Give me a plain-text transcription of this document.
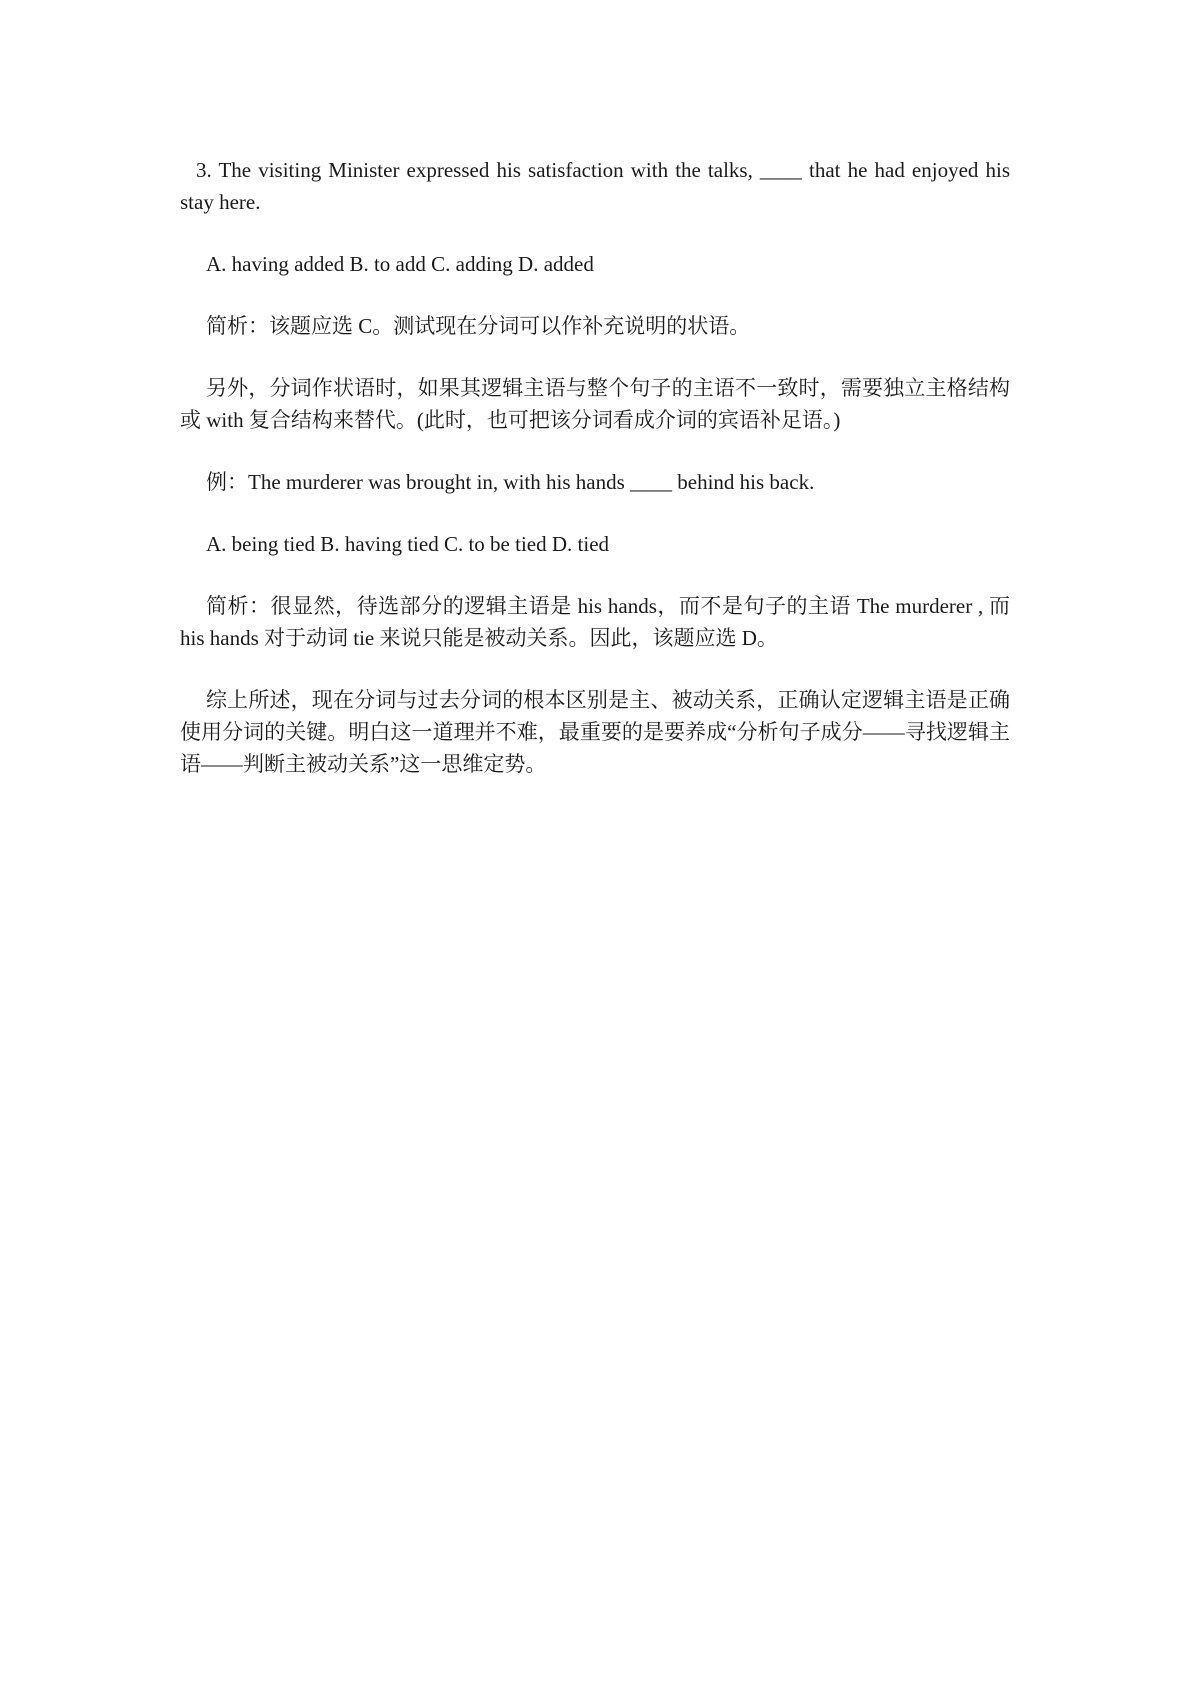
3. The visiting Minister expressed his satisfaction with the talks, ____ that he had enjoyed his stay here.

A. having added B. to add C. adding D. added

简析：该题应选 C。测试现在分词可以作补充说明的状语。

另外，分词作状语时，如果其逻辑主语与整个句子的主语不一致时，需要独立主格结构或 with 复合结构来替代。(此时，也可把该分词看成介词的宾语补足语。)

例：The murderer was brought in, with his hands ____ behind his back.

A. being tied B. having tied C. to be tied D. tied

简析：很显然，待选部分的逻辑主语是 his hands，而不是句子的主语 The murderer , 而 his hands 对于动词 tie 来说只能是被动关系。因此，该题应选 D。

综上所述，现在分词与过去分词的根本区别是主、被动关系，正确认定逻辑主语是正确使用分词的关键。明白这一道理并不难，最重要的是要养成“分析句子成分——寻找逻辑主语——判断主被动关系”这一思维定势。
